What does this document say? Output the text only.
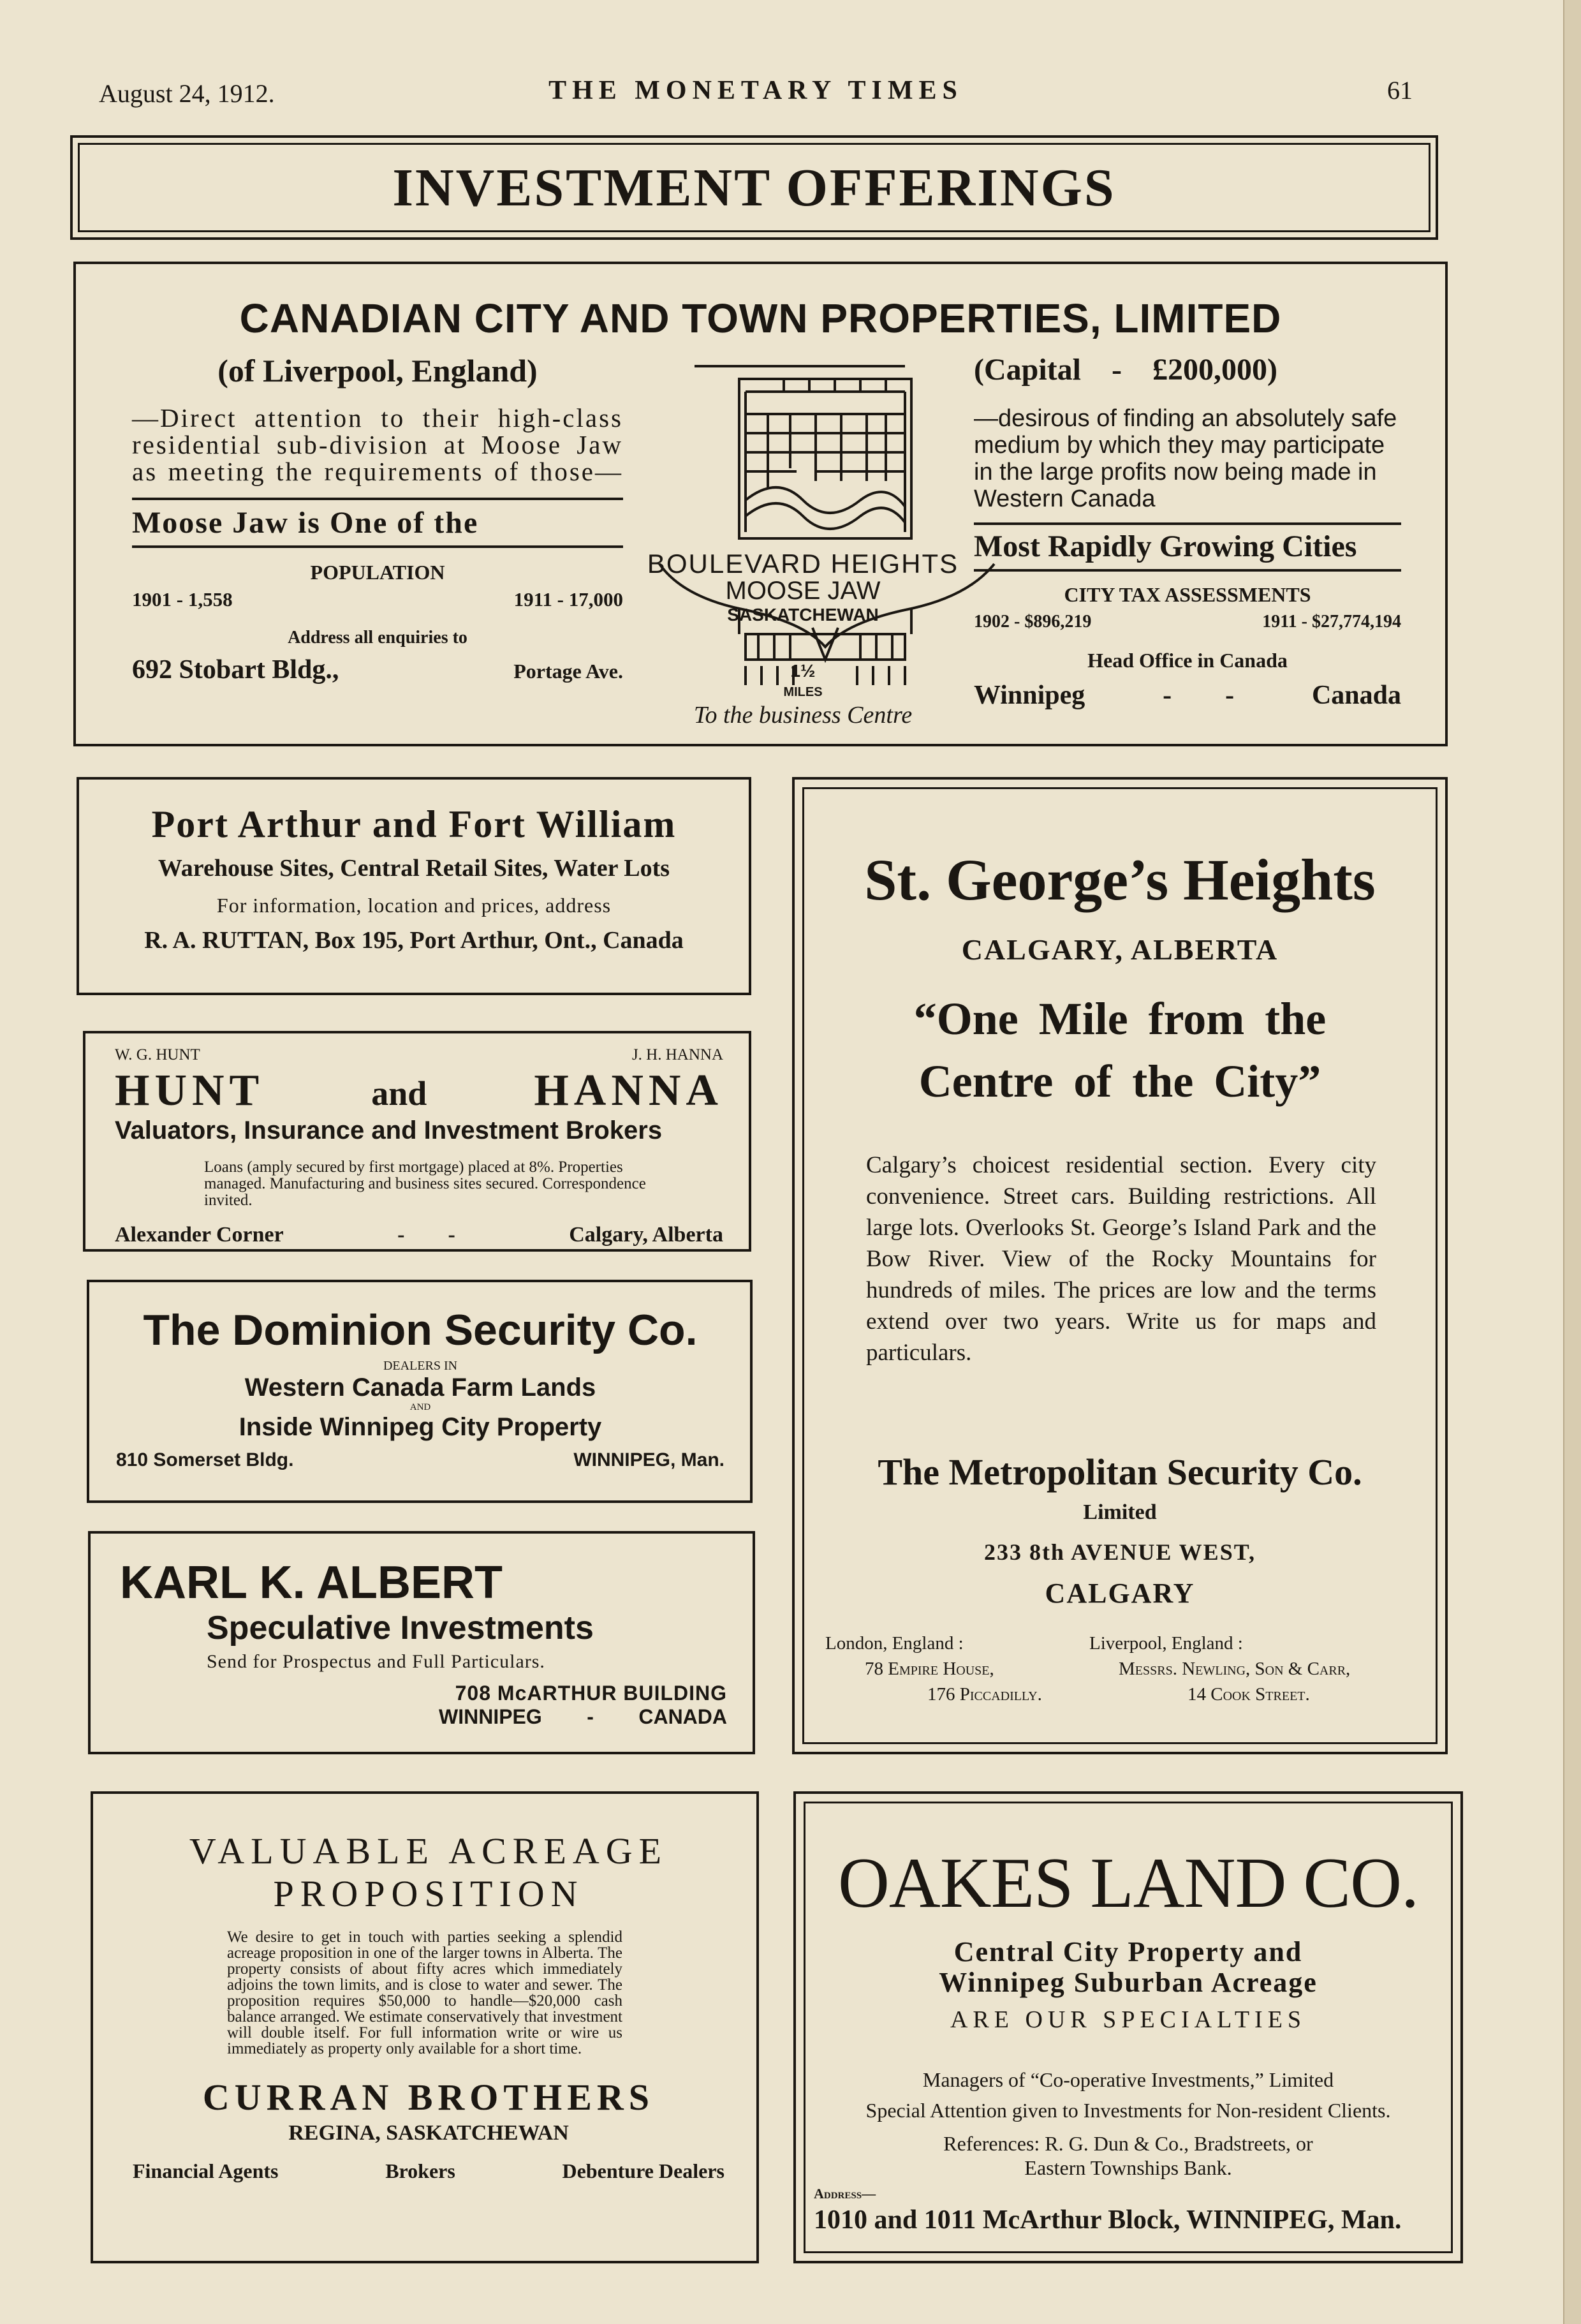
August 24, 1912.	THE MONETARY TIMES	61
INVESTMENT OFFERINGS
CANADIAN CITY AND TOWN PROPERTIES, LIMITED
(of Liverpool, England)
—Direct attention to their high-class residential sub-division at Moose Jaw as meeting the requirements of those—
Moose Jaw is One of the
POPULATION
1901 - 1,558	1911 - 17,000
Address all enquiries to
692 Stobart Bldg.,	Portage Ave.
BOULEVARD HEIGHTS
MOOSE JAW
SASKATCHEWAN
1½
MILES
To the business Centre
(Capital    -    £200,000)
—desirous of finding an absolutely safe medium by which they may participate in the large profits now being made in Western Canada
Most Rapidly Growing Cities
CITY TAX ASSESSMENTS
1902 - $896,219	1911 - $27,774,194
Head Office in Canada
Winnipeg	-        -	Canada
Port Arthur and Fort William
Warehouse Sites, Central Retail Sites, Water Lots
For information, location and prices, address
R. A. RUTTAN, Box 195, Port Arthur, Ont., Canada
W. G. HUNT	J. H. HANNA
HUNT	and HANNA
Valuators, Insurance and Investment Brokers
Loans (amply secured by first mortgage) placed at 8%. Properties managed. Manufacturing and business sites secured. Correspondence invited.
Alexander Corner	-        -	Calgary, Alberta
The Dominion Security Co.
DEALERS IN
Western Canada Farm Lands
AND
Inside Winnipeg City Property
810 Somerset Bldg.	WINNIPEG, Man.
KARL K. ALBERT
Speculative Investments
Send for Prospectus and Full Particulars.
708 McARTHUR BUILDING
WINNIPEG - CANADA
VALUABLE ACREAGE
PROPOSITION
We desire to get in touch with parties seeking a splendid acreage proposition in one of the larger towns in Alberta. The property consists of about fifty acres which immediately adjoins the town limits, and is close to water and sewer. The proposition requires $50,000 to handle—$20,000 cash balance arranged. We estimate conservatively that investment will double itself. For full information write or wire us immediately as property only available for a short time.
CURRAN BROTHERS
REGINA, SASKATCHEWAN
Financial Agents	Brokers	Debenture Dealers
St. George’s Heights
CALGARY, ALBERTA
“One Mile from the
Centre of the City”
Calgary’s choicest residential section. Every city convenience. Street cars. Building restrictions. All large lots. Overlooks St. George’s Island Park and the Bow River. View of the Rocky Mountains for hundreds of miles. The prices are low and the terms extend over two years. Write us for maps and particulars.
The Metropolitan Security Co.
Limited
233 8th AVENUE WEST,
CALGARY
London, England :
78 Empire House,
176 Piccadilly.
Liverpool, England :
Messrs. Newling, Son & Carr,
14 Cook Street.
OAKES LAND CO.
Central City Property and
Winnipeg Suburban Acreage
ARE OUR SPECIALTIES
Managers of “Co-operative Investments,” Limited
Special Attention given to Investments for Non-resident Clients.
References: R. G. Dun & Co., Bradstreets, or
Eastern Townships Bank.
Address—
1010 and 1011 McArthur Block, WINNIPEG, Man.
